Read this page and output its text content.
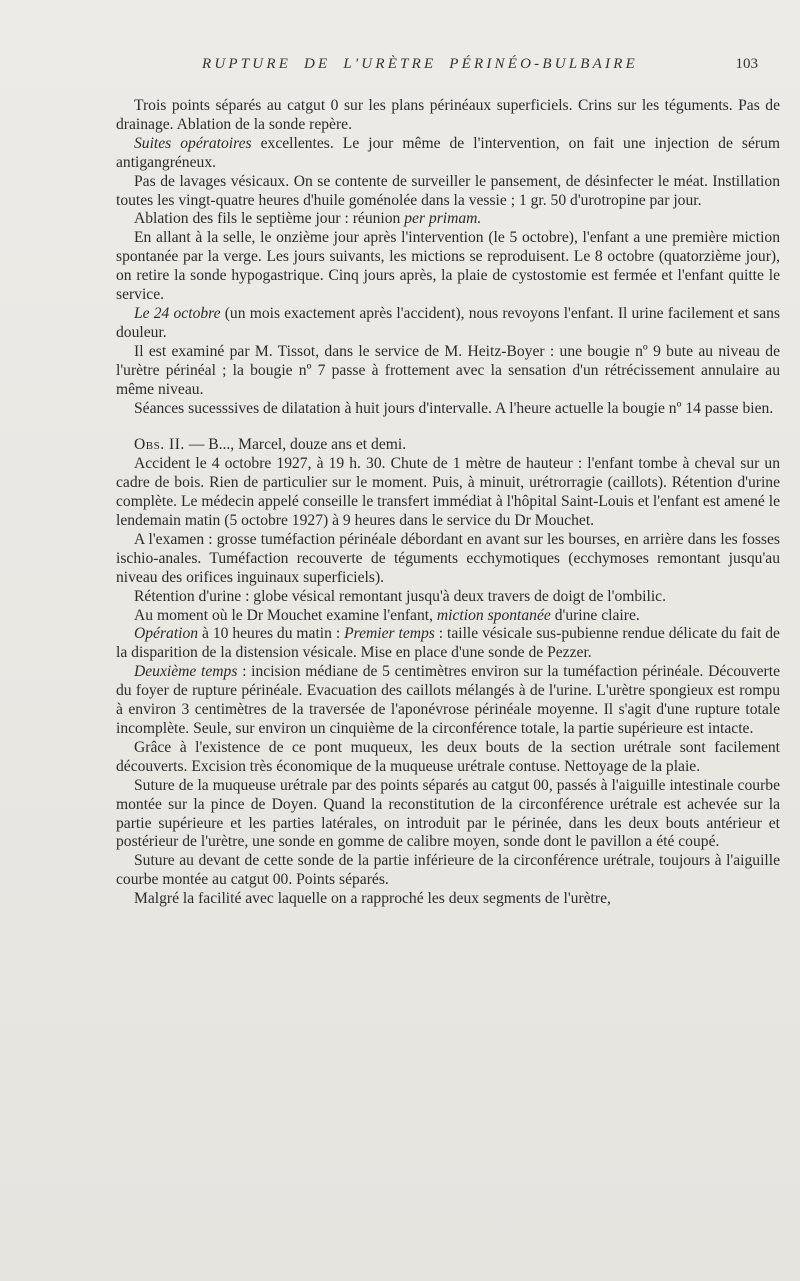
RUPTURE DE L'URÈTRE PÉRINÉO-BULBAIRE	103

Trois points séparés au catgut 0 sur les plans périnéaux superficiels. Crins sur les téguments. Pas de drainage. Ablation de la sonde repère.

Suites opératoires excellentes. Le jour même de l'intervention, on fait une injection de sérum antigangréneux.

Pas de lavages vésicaux. On se contente de surveiller le pansement, de désinfecter le méat. Instillation toutes les vingt-quatre heures d'huile goménolée dans la vessie ; 1 gr. 50 d'urotropine par jour.

Ablation des fils le septième jour : réunion per primam.

En allant à la selle, le onzième jour après l'intervention (le 5 octobre), l'enfant a une première miction spontanée par la verge. Les jours suivants, les mictions se reproduisent. Le 8 octobre (quatorzième jour), on retire la sonde hypogastrique. Cinq jours après, la plaie de cystostomie est fermée et l'enfant quitte le service.

Le 24 octobre (un mois exactement après l'accident), nous revoyons l'enfant. Il urine facilement et sans douleur.

Il est examiné par M. Tissot, dans le service de M. Heitz-Boyer : une bougie nº 9 bute au niveau de l'urètre périnéal ; la bougie nº 7 passe à frottement avec la sensation d'un rétrécissement annulaire au même niveau.

Séances sucesssives de dilatation à huit jours d'intervalle. A l'heure actuelle la bougie nº 14 passe bien.

Obs. II. — B..., Marcel, douze ans et demi.

Accident le 4 octobre 1927, à 19 h. 30. Chute de 1 mètre de hauteur : l'enfant tombe à cheval sur un cadre de bois. Rien de particulier sur le moment. Puis, à minuit, urétrorragie (caillots). Rétention d'urine complète. Le médecin appelé conseille le transfert immédiat à l'hôpital Saint-Louis et l'enfant est amené le lendemain matin (5 octobre 1927) à 9 heures dans le service du Dr Mouchet.

A l'examen : grosse tuméfaction périnéale débordant en avant sur les bourses, en arrière dans les fosses ischio-anales. Tuméfaction recouverte de téguments ecchymotiques (ecchymoses remontant jusqu'au niveau des orifices inguinaux superficiels).

Rétention d'urine : globe vésical remontant jusqu'à deux travers de doigt de l'ombilic.

Au moment où le Dr Mouchet examine l'enfant, miction spontanée d'urine claire.

Opération à 10 heures du matin : Premier temps : taille vésicale sus-pubienne rendue délicate du fait de la disparition de la distension vésicale. Mise en place d'une sonde de Pezzer.

Deuxième temps : incision médiane de 5 centimètres environ sur la tuméfaction périnéale. Découverte du foyer de rupture périnéale. Evacuation des caillots mélangés à de l'urine. L'urètre spongieux est rompu à environ 3 centimètres de la traversée de l'aponévrose périnéale moyenne. Il s'agit d'une rupture totale incomplète. Seule, sur environ un cinquième de la circonférence totale, la partie supérieure est intacte.

Grâce à l'existence de ce pont muqueux, les deux bouts de la section urétrale sont facilement découverts. Excision très économique de la muqueuse urétrale contuse. Nettoyage de la plaie.

Suture de la muqueuse urétrale par des points séparés au catgut 00, passés à l'aiguille intestinale courbe montée sur la pince de Doyen. Quand la reconstitution de la circonférence urétrale est achevée sur la partie supérieure et les parties latérales, on introduit par le périnée, dans les deux bouts antérieur et postérieur de l'urètre, une sonde en gomme de calibre moyen, sonde dont le pavillon a été coupé.

Suture au devant de cette sonde de la partie inférieure de la circonférence urétrale, toujours à l'aiguille courbe montée au catgut 00. Points séparés.

Malgré la facilité avec laquelle on a rapproché les deux segments de l'urètre,
